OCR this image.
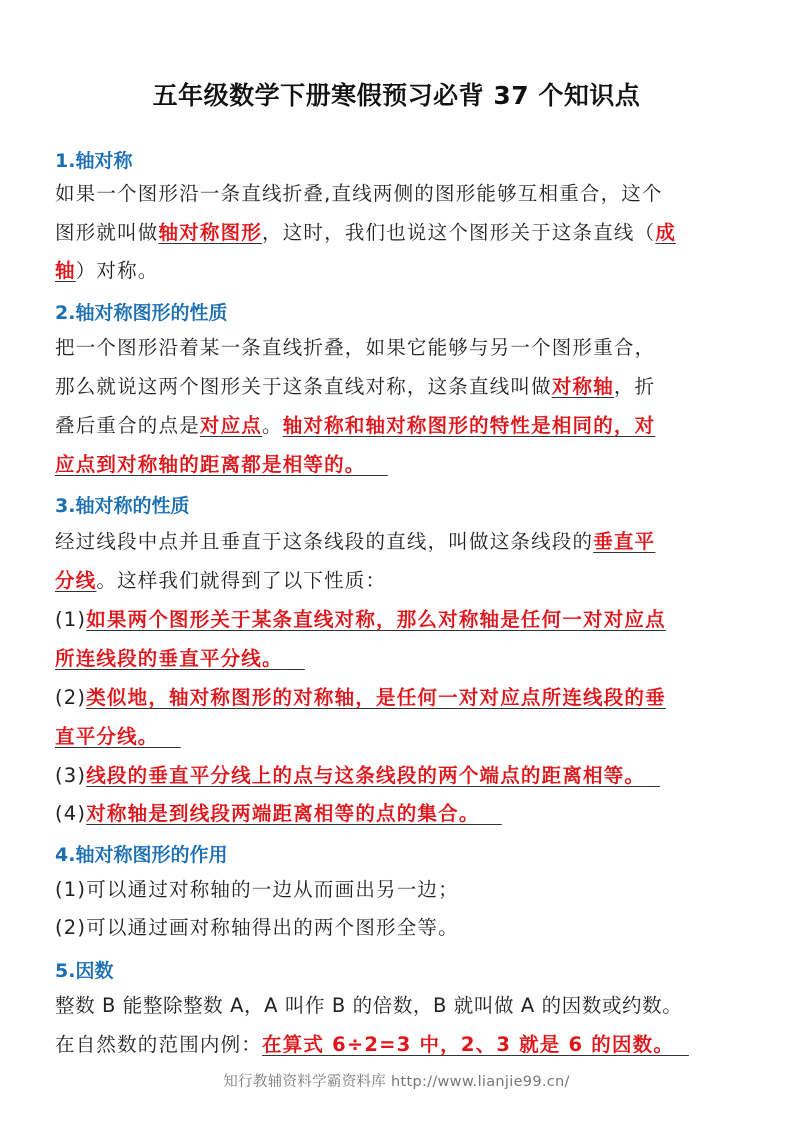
五年级数学下册寒假预习必背 37 个知识点
1.轴对称
如果一个图形沿一条直线折叠,直线两侧的图形能够互相重合，这个
图形就叫做轴对称图形，这时，我们也说这个图形关于这条直线（成
轴）对称。
2.轴对称图形的性质
把一个图形沿着某一条直线折叠，如果它能够与另一个图形重合，
那么就说这两个图形关于这条直线对称，这条直线叫做对称轴，折
叠后重合的点是对应点。轴对称和轴对称图形的特性是相同的，对
应点到对称轴的距离都是相等的。
3.轴对称的性质
经过线段中点并且垂直于这条线段的直线，叫做这条线段的垂直平
分线。这样我们就得到了以下性质：
(1)如果两个图形关于某条直线对称，那么对称轴是任何一对对应点
所连线段的垂直平分线。
(2)类似地，轴对称图形的对称轴，是任何一对对应点所连线段的垂
直平分线。
(3)线段的垂直平分线上的点与这条线段的两个端点的距离相等。
(4)对称轴是到线段两端距离相等的点的集合。
4.轴对称图形的作用
(1)可以通过对称轴的一边从而画出另一边；
(2)可以通过画对称轴得出的两个图形全等。
5.因数
整数 B 能整除整数 A，A 叫作 B 的倍数，B 就叫做 A 的因数或约数。
在自然数的范围内例：在算式 6÷2=3 中，2、3 就是 6 的因数。
知行教辅资料学霸资料库 http://www.lianjie99.cn/
